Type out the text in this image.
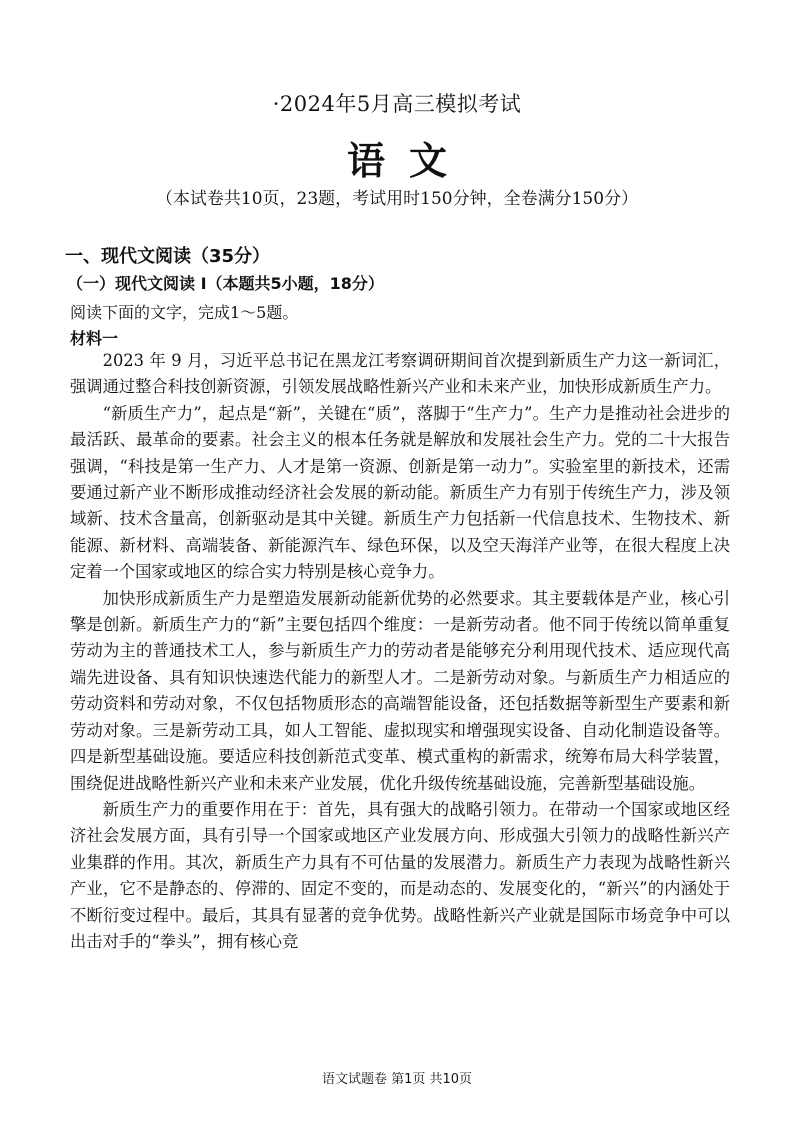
·2024年5月高三模拟考试
语文
（本试卷共10页，23题，考试用时150分钟，全卷满分150分）
一、现代文阅读（35分）
（一）现代文阅读 I（本题共5小题，18分）
阅读下面的文字，完成1～5题。
材料一

2023 年 9 月，习近平总书记在黑龙江考察调研期间首次提到新质生产力这一新词汇，强调通过整合科技创新资源，引领发展战略性新兴产业和未来产业，加快形成新质生产力。

“新质生产力”，起点是“新”，关键在“质”，落脚于“生产力”。生产力是推动社会进步的最活跃、最革命的要素。社会主义的根本任务就是解放和发展社会生产力。党的二十大报告强调，“科技是第一生产力、人才是第一资源、创新是第一动力”。实验室里的新技术，还需要通过新产业不断形成推动经济社会发展的新动能。新质生产力有别于传统生产力，涉及领域新、技术含量高，创新驱动是其中关键。新质生产力包括新一代信息技术、生物技术、新能源、新材料、高端装备、新能源汽车、绿色环保，以及空天海洋产业等，在很大程度上决定着一个国家或地区的综合实力特别是核心竞争力。

加快形成新质生产力是塑造发展新动能新优势的必然要求。其主要载体是产业，核心引擎是创新。新质生产力的“新”主要包括四个维度：一是新劳动者。他不同于传统以简单重复劳动为主的普通技术工人，参与新质生产力的劳动者是能够充分利用现代技术、适应现代高端先进设备、具有知识快速迭代能力的新型人才。二是新劳动对象。与新质生产力相适应的劳动资料和劳动对象，不仅包括物质形态的高端智能设备，还包括数据等新型生产要素和新劳动对象。三是新劳动工具，如人工智能、虚拟现实和增强现实设备、自动化制造设备等。四是新型基础设施。要适应科技创新范式变革、模式重构的新需求，统筹布局大科学装置，围绕促进战略性新兴产业和未来产业发展，优化升级传统基础设施，完善新型基础设施。

新质生产力的重要作用在于：首先，具有强大的战略引领力。在带动一个国家或地区经济社会发展方面，具有引导一个国家或地区产业发展方向、形成强大引领力的战略性新兴产业集群的作用。其次，新质生产力具有不可估量的发展潜力。新质生产力表现为战略性新兴产业，它不是静态的、停滞的、固定不变的，而是动态的、发展变化的，“新兴”的内涵处于不断衍变过程中。最后，其具有显著的竞争优势。战略性新兴产业就是国际市场竞争中可以出击对手的“拳头”，拥有核心竞

语文试题卷 第1页 共10页
